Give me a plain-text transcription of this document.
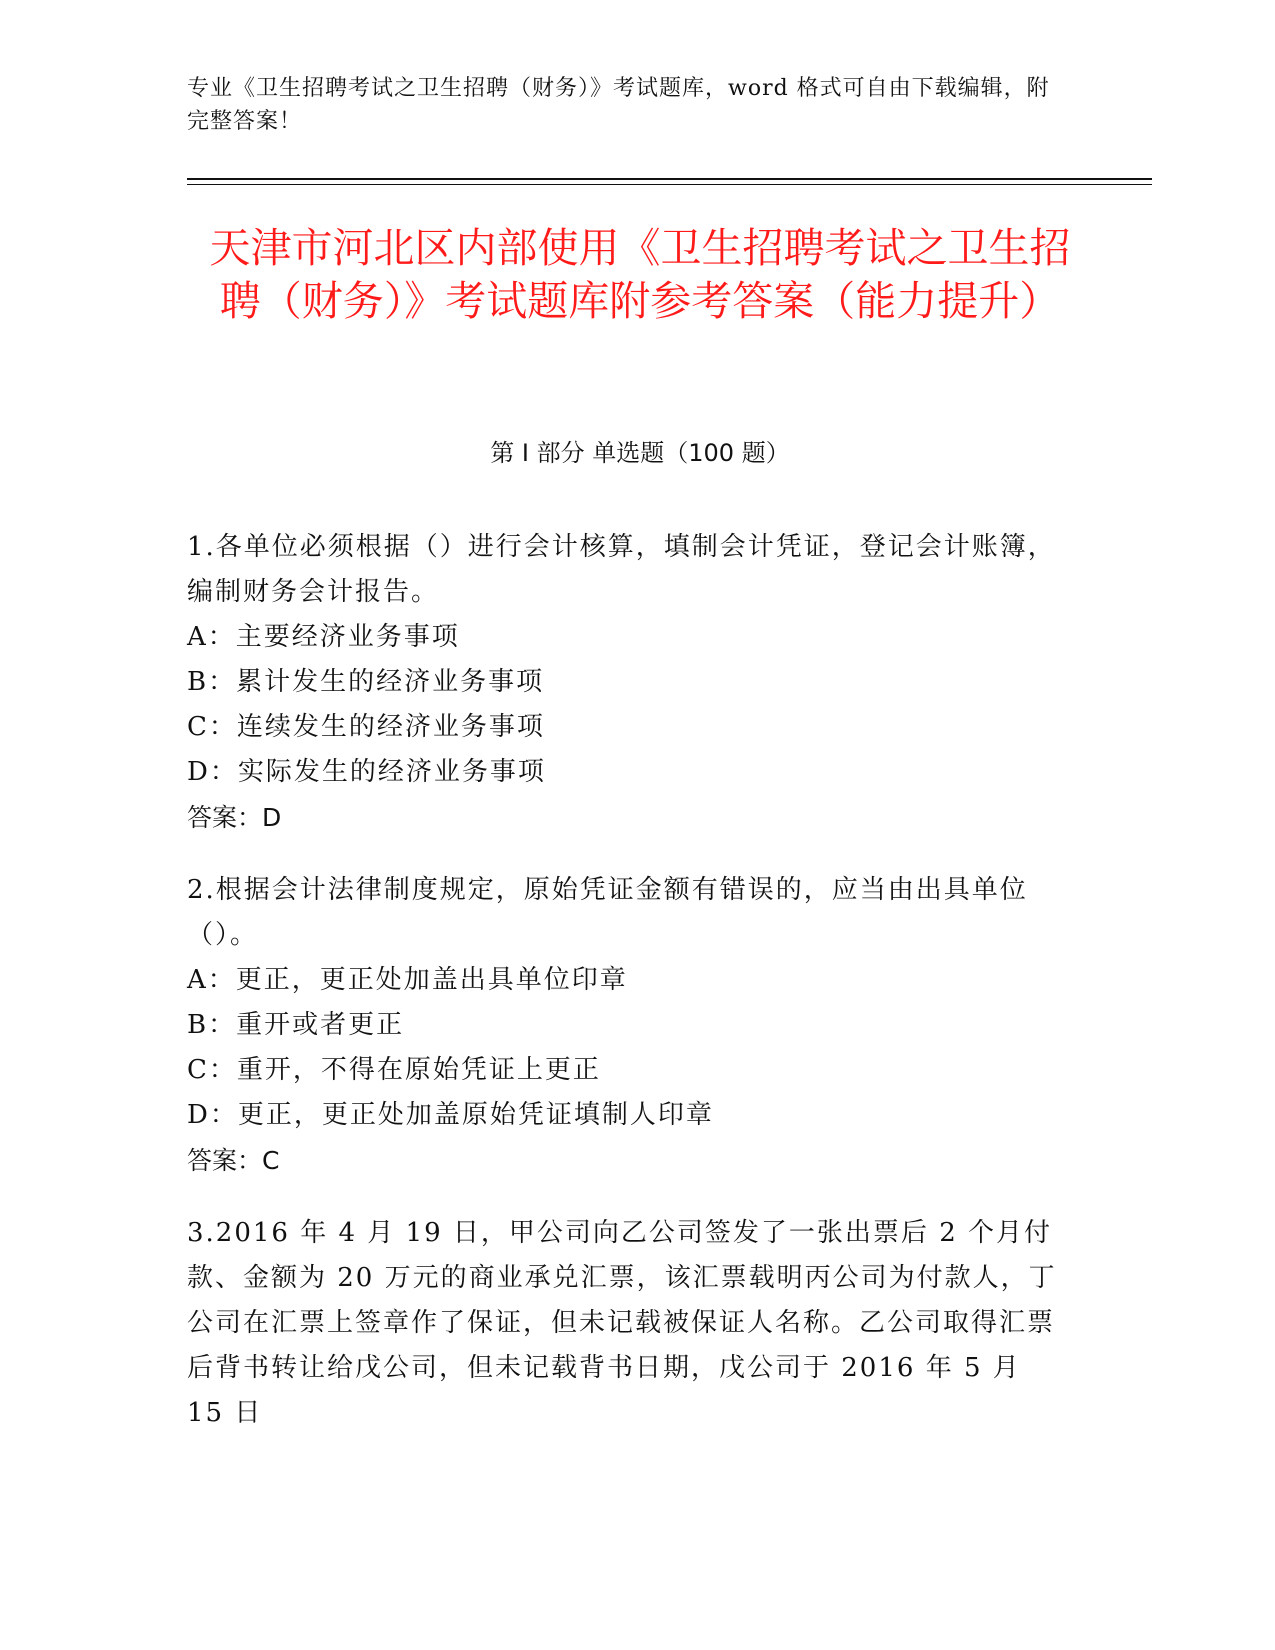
专业《卫生招聘考试之卫生招聘（财务）》考试题库，word 格式可自由下载编辑，附完整答案！
天津市河北区内部使用《卫生招聘考试之卫生招聘（财务）》考试题库附参考答案（能力提升）
第 I 部分 单选题（100 题）
1.各单位必须根据（）进行会计核算，填制会计凭证，登记会计账簿，编制财务会计报告。
A：主要经济业务事项
B：累计发生的经济业务事项
C：连续发生的经济业务事项
D：实际发生的经济业务事项
答案：D
2.根据会计法律制度规定，原始凭证金额有错误的，应当由出具单位（）。
A：更正，更正处加盖出具单位印章
B：重开或者更正
C：重开，不得在原始凭证上更正
D：更正，更正处加盖原始凭证填制人印章
答案：C
3.2016 年 4 月 19 日，甲公司向乙公司签发了一张出票后 2 个月付款、金额为 20 万元的商业承兑汇票，该汇票载明丙公司为付款人，丁公司在汇票上签章作了保证，但未记载被保证人名称。乙公司取得汇票后背书转让给戊公司，但未记载背书日期，戊公司于 2016 年 5 月 15 日
